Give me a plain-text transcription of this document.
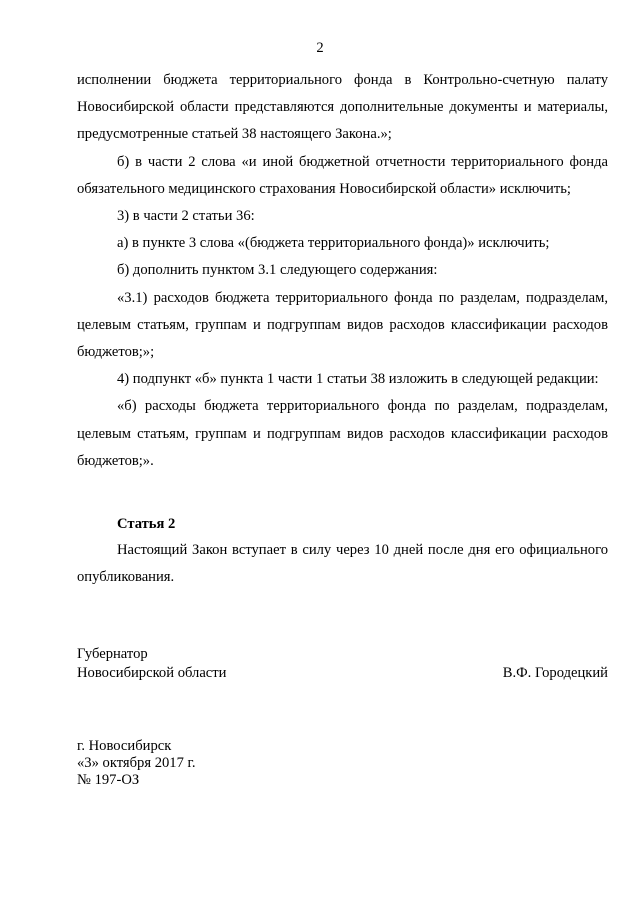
2

исполнении бюджета территориального фонда в Контрольно-счетную палату Новосибирской области представляются дополнительные документы и материалы, предусмотренные статьей 38 настоящего Закона.»;

б) в части 2 слова «и иной бюджетной отчетности территориального фонда обязательного медицинского страхования Новосибирской области» исключить;

3) в части 2 статьи 36:

а) в пункте 3 слова «(бюджета территориального фонда)» исключить;

б) дополнить пунктом 3.1 следующего содержания:

«3.1) расходов бюджета территориального фонда по разделам, подразделам, целевым статьям, группам и подгруппам видов расходов классификации расходов бюджетов;»;

4) подпункт «б» пункта 1 части 1 статьи 38 изложить в следующей редакции:

«б) расходы бюджета территориального фонда по разделам, подразделам, целевым статьям, группам и подгруппам видов расходов классификации расходов бюджетов;».

Статья 2

Настоящий Закон вступает в силу через 10 дней после дня его официального опубликования.

Губернатор
Новосибирской области	В.Ф. Городецкий
г. Новосибирск
«3» октября 2017 г.
№ 197-ОЗ
